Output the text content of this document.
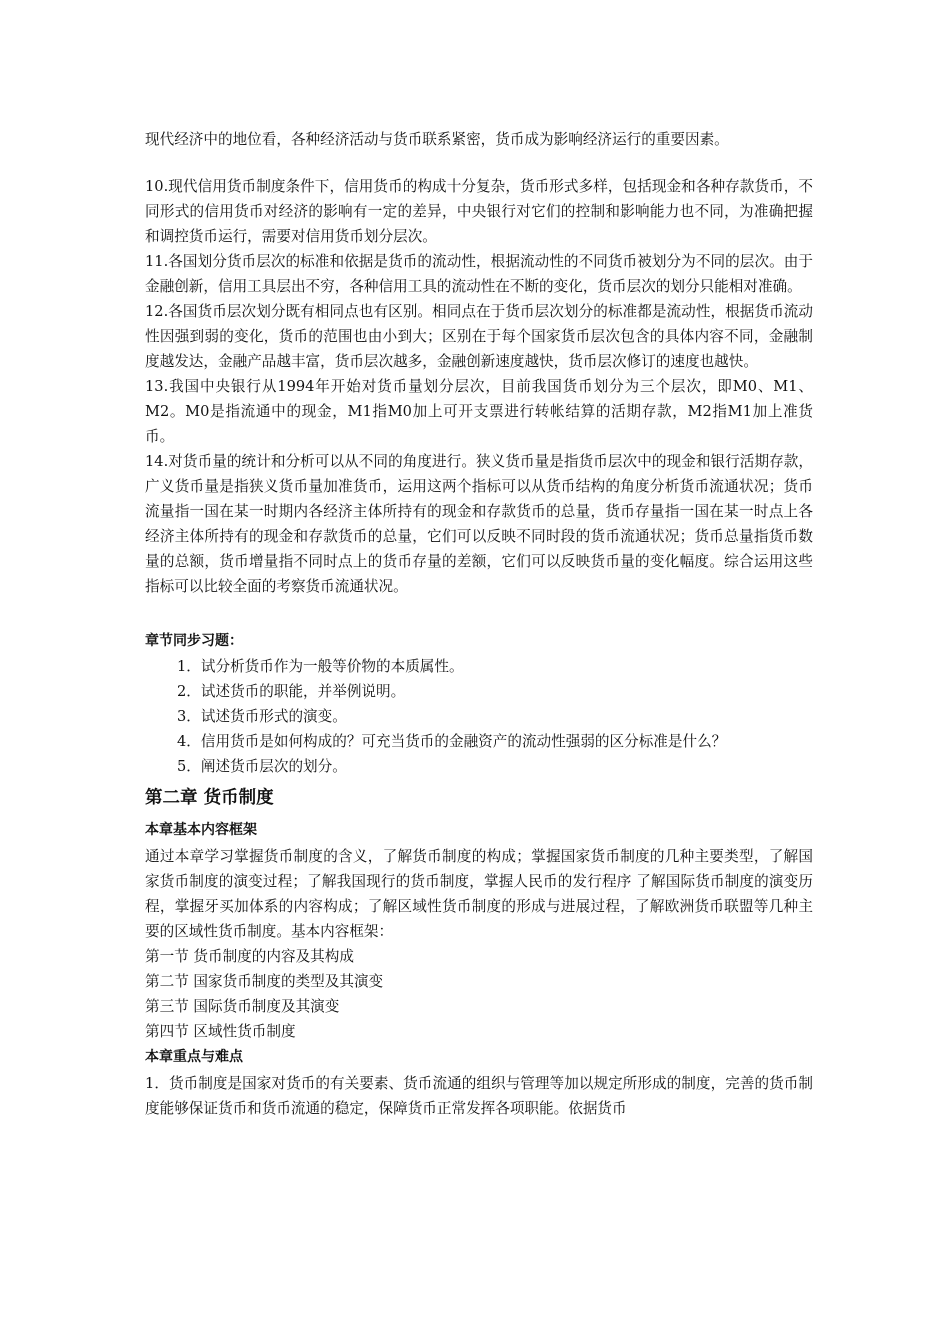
现代经济中的地位看，各种经济活动与货币联系紧密，货币成为影响经济运行的重要因素。

10.现代信用货币制度条件下，信用货币的构成十分复杂，货币形式多样，包括现金和各种存款货币，不同形式的信用货币对经济的影响有一定的差异，中央银行对它们的控制和影响能力也不同，为准确把握和调控货币运行，需要对信用货币划分层次。

11.各国划分货币层次的标准和依据是货币的流动性，根据流动性的不同货币被划分为不同的层次。由于金融创新，信用工具层出不穷，各种信用工具的流动性在不断的变化，货币层次的划分只能相对准确。

12.各国货币层次划分既有相同点也有区别。相同点在于货币层次划分的标准都是流动性，根据货币流动性因强到弱的变化，货币的范围也由小到大；区别在于每个国家货币层次包含的具体内容不同，金融制度越发达，金融产品越丰富，货币层次越多，金融创新速度越快，货币层次修订的速度也越快。

13.我国中央银行从1994年开始对货币量划分层次，目前我国货币划分为三个层次，即M0、M1、M2。M0是指流通中的现金，M1指M0加上可开支票进行转帐结算的活期存款，M2指M1加上准货币。

14.对货币量的统计和分析可以从不同的角度进行。狭义货币量是指货币层次中的现金和银行活期存款，广义货币量是指狭义货币量加准货币，运用这两个指标可以从货币结构的角度分析货币流通状况；货币流量指一国在某一时期内各经济主体所持有的现金和存款货币的总量，货币存量指一国在某一时点上各经济主体所持有的现金和存款货币的总量，它们可以反映不同时段的货币流通状况；货币总量指货币数量的总额，货币增量指不同时点上的货币存量的差额，它们可以反映货币量的变化幅度。综合运用这些指标可以比较全面的考察货币流通状况。

章节同步习题：

1．试分析货币作为一般等价物的本质属性。

2．试述货币的职能，并举例说明。

3．试述货币形式的演变。

4．信用货币是如何构成的？可充当货币的金融资产的流动性强弱的区分标准是什么？

5．阐述货币层次的划分。

第二章 货币制度

本章基本内容框架

通过本章学习掌握货币制度的含义，了解货币制度的构成；掌握国家货币制度的几种主要类型，了解国家货币制度的演变过程；了解我国现行的货币制度，掌握人民币的发行程序 了解国际货币制度的演变历程，掌握牙买加体系的内容构成；了解区域性货币制度的形成与进展过程，了解欧洲货币联盟等几种主要的区域性货币制度。基本内容框架：

第一节 货币制度的内容及其构成

第二节 国家货币制度的类型及其演变

第三节 国际货币制度及其演变

第四节 区域性货币制度

本章重点与难点

1．货币制度是国家对货币的有关要素、货币流通的组织与管理等加以规定所形成的制度，完善的货币制度能够保证货币和货币流通的稳定，保障货币正常发挥各项职能。依据货币
